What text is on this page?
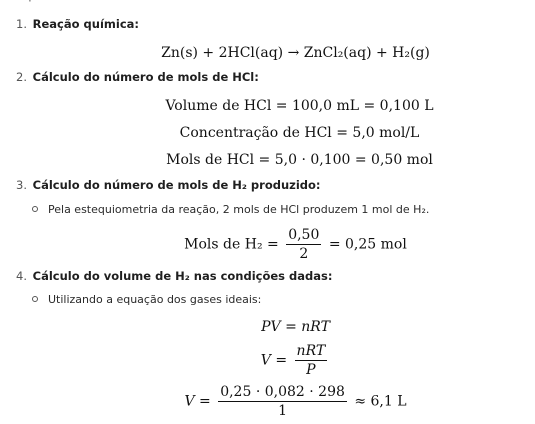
·
1. Reação química:
Zn(s) + 2HCl(aq) → ZnCl₂(aq) + H₂(g)
2. Cálculo do número de mols de HCl:
Volume de HCl = 100,0 mL = 0,100 L
Concentração de HCl = 5,0 mol/L
Mols de HCl = 5,0 · 0,100 = 0,50 mol
3. Cálculo do número de mols de H₂ produzido:
Pela estequiometria da reação, 2 mols de HCl produzem 1 mol de H₂.
Mols de $H_2 = \frac{0,50}{2} = 0,25$ mol
4. Cálculo do volume de H₂ nas condições dadas:
Utilizando a equação dos gases ideais:
PV = nRT
$V = \frac{\text{nRT}}{P}$
$V = \frac{0,25 \cdot 0,082 \cdot 298}{1} \approx 6,1$ L
